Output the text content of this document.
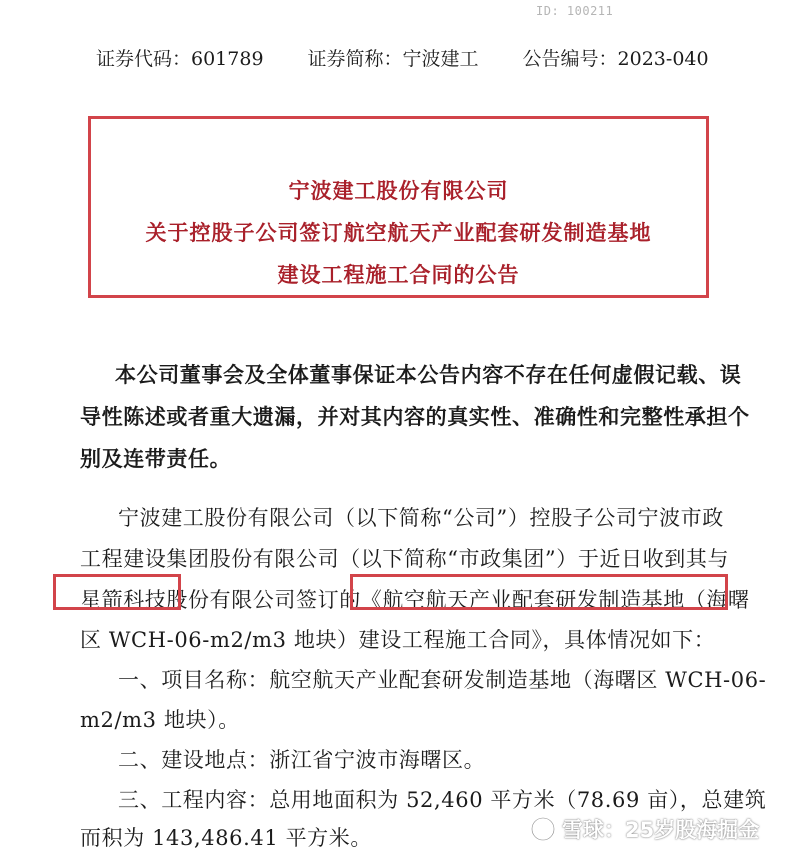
ID: 100211
证券代码：601789 证券简称：宁波建工 公告编号：2023-040
宁波建工股份有限公司
关于控股子公司签订航空航天产业配套研发制造基地
建设工程施工合同的公告
本公司董事会及全体董事保证本公告内容不存在任何虚假记载、误
导性陈述或者重大遗漏，并对其内容的真实性、准确性和完整性承担个
别及连带责任。
宁波建工股份有限公司（以下简称“公司”）控股子公司宁波市政
工程建设集团股份有限公司（以下简称“市政集团”）于近日收到其与
星箭科技股份有限公司签订的《航空航天产业配套研发制造基地（海曙
区 WCH-06-m2/m3 地块）建设工程施工合同》，具体情况如下：
一、项目名称：航空航天产业配套研发制造基地（海曙区 WCH-06-
m2/m3 地块）。
二、建设地点：浙江省宁波市海曙区。
三、工程内容：总用地面积为 52,460 平方米（78.69 亩），总建筑
而积为 143,486.41 平方米。	雪球：25岁股海掘金
